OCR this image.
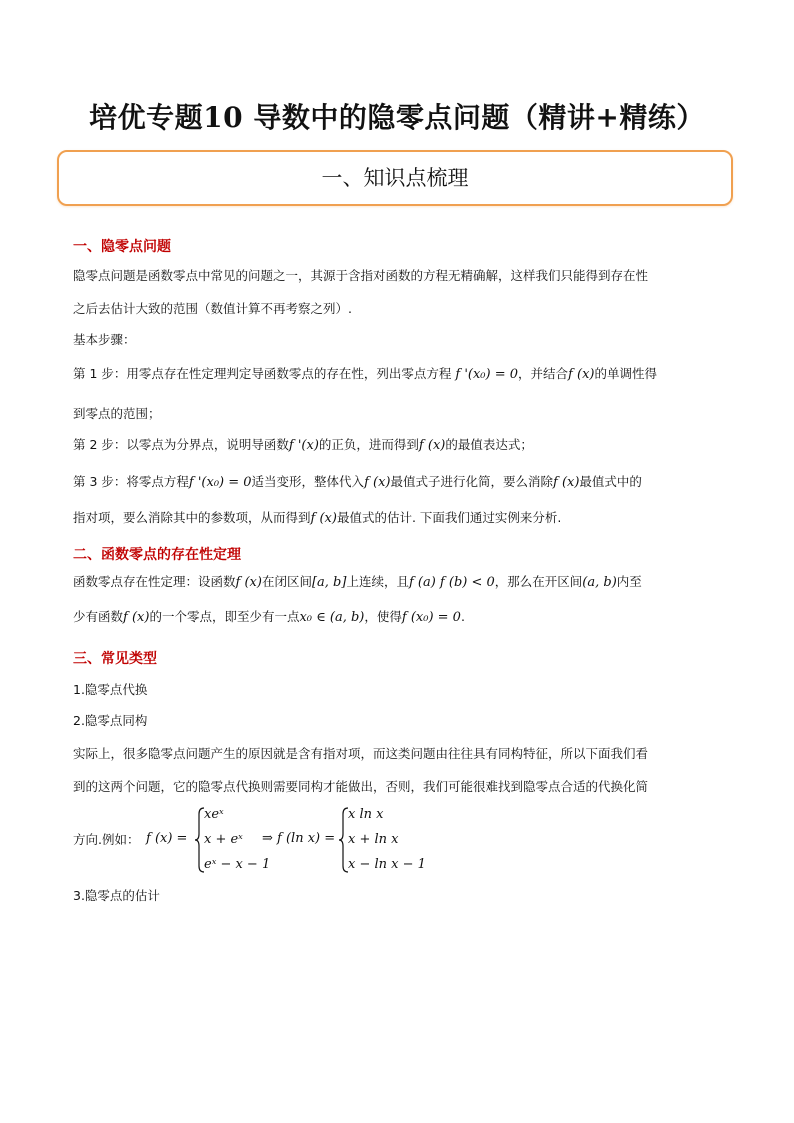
培优专题10 导数中的隐零点问题（精讲+精练）
一、知识点梳理
一、隐零点问题
隐零点问题是函数零点中常见的问题之一，其源于含指对函数的方程无精确解，这样我们只能得到存在性
之后去估计大致的范围（数值计算不再考察之列）.
基本步骤：
第 1 步：用零点存在性定理判定导函数零点的存在性，列出零点方程 f '(x₀) = 0，并结合f (x)的单调性得
到零点的范围；
第 2 步：以零点为分界点，说明导函数f '(x)的正负，进而得到f (x)的最值表达式；
第 3 步：将零点方程f '(x₀) = 0适当变形，整体代入f (x)最值式子进行化简，要么消除f (x)最值式中的
指对项，要么消除其中的参数项，从而得到f (x)最值式的估计. 下面我们通过实例来分析.
二、函数零点的存在性定理
函数零点存在性定理：设函数f (x)在闭区间[a, b]上连续，且f (a) f (b) < 0，那么在开区间(a, b)内至
少有函数f (x)的一个零点，即至少有一点x₀ ∈ (a, b)，使得f (x₀) = 0.
三、常见类型
1.隐零点代换
2.隐零点同构
实际上，很多隐零点问题产生的原因就是含有指对项，而这类问题由往往具有同构特征，所以下面我们看
到的这两个问题，它的隐零点代换则需要同构才能做出，否则，我们可能很难找到隐零点合适的代换化简
方向.例如： f (x) =
xeˣ
x + eˣ
eˣ − x − 1
⇒ f (ln x) =
x ln x
x + ln x
x − ln x − 1
3.隐零点的估计
